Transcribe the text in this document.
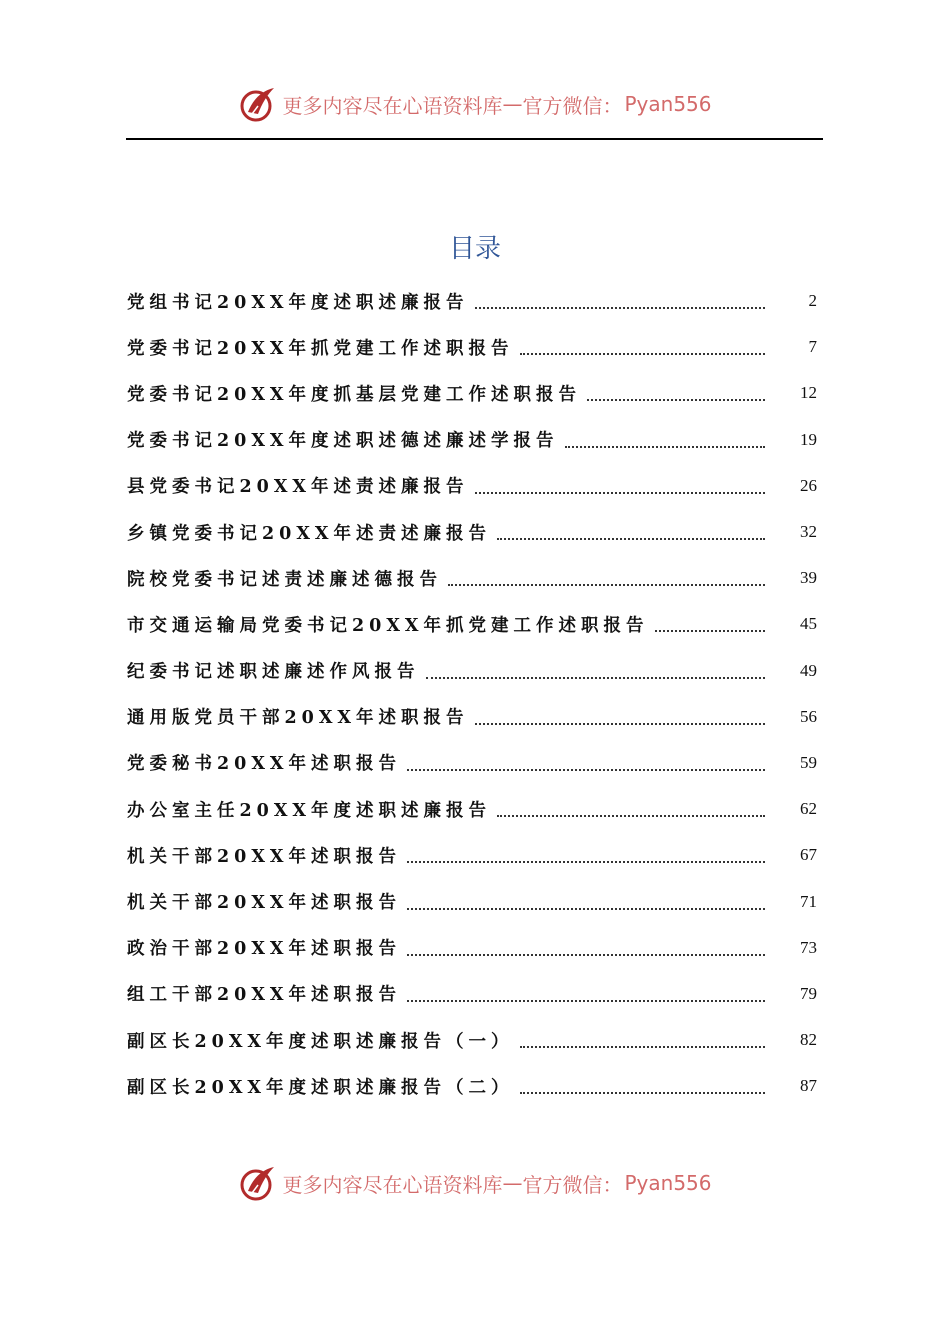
更多内容尽在心语资料库 — 官方微信： Pyan556
目录
党组书记20XX年度述职述廉报告	2
党委书记20XX年抓党建工作述职报告	7
党委书记20XX年度抓基层党建工作述职报告	12
党委书记20XX年度述职述德述廉述学报告	19
县党委书记20XX年述责述廉报告	26
乡镇党委书记20XX年述责述廉报告	32
院校党委书记述责述廉述德报告	39
市交通运输局党委书记20XX年抓党建工作述职报告	45
纪委书记述职述廉述作风报告	49
通用版党员干部20XX年述职报告	56
党委秘书20XX年述职报告	59
办公室主任20XX年度述职述廉报告	62
机关干部20XX年述职报告	67
机关干部20XX年述职报告	71
政治干部20XX年述职报告	73
组工干部20XX年述职报告	79
副区长20XX年度述职述廉报告（一）	82
副区长20XX年度述职述廉报告（二）	87
更多内容尽在心语资料库 — 官方微信： Pyan556
